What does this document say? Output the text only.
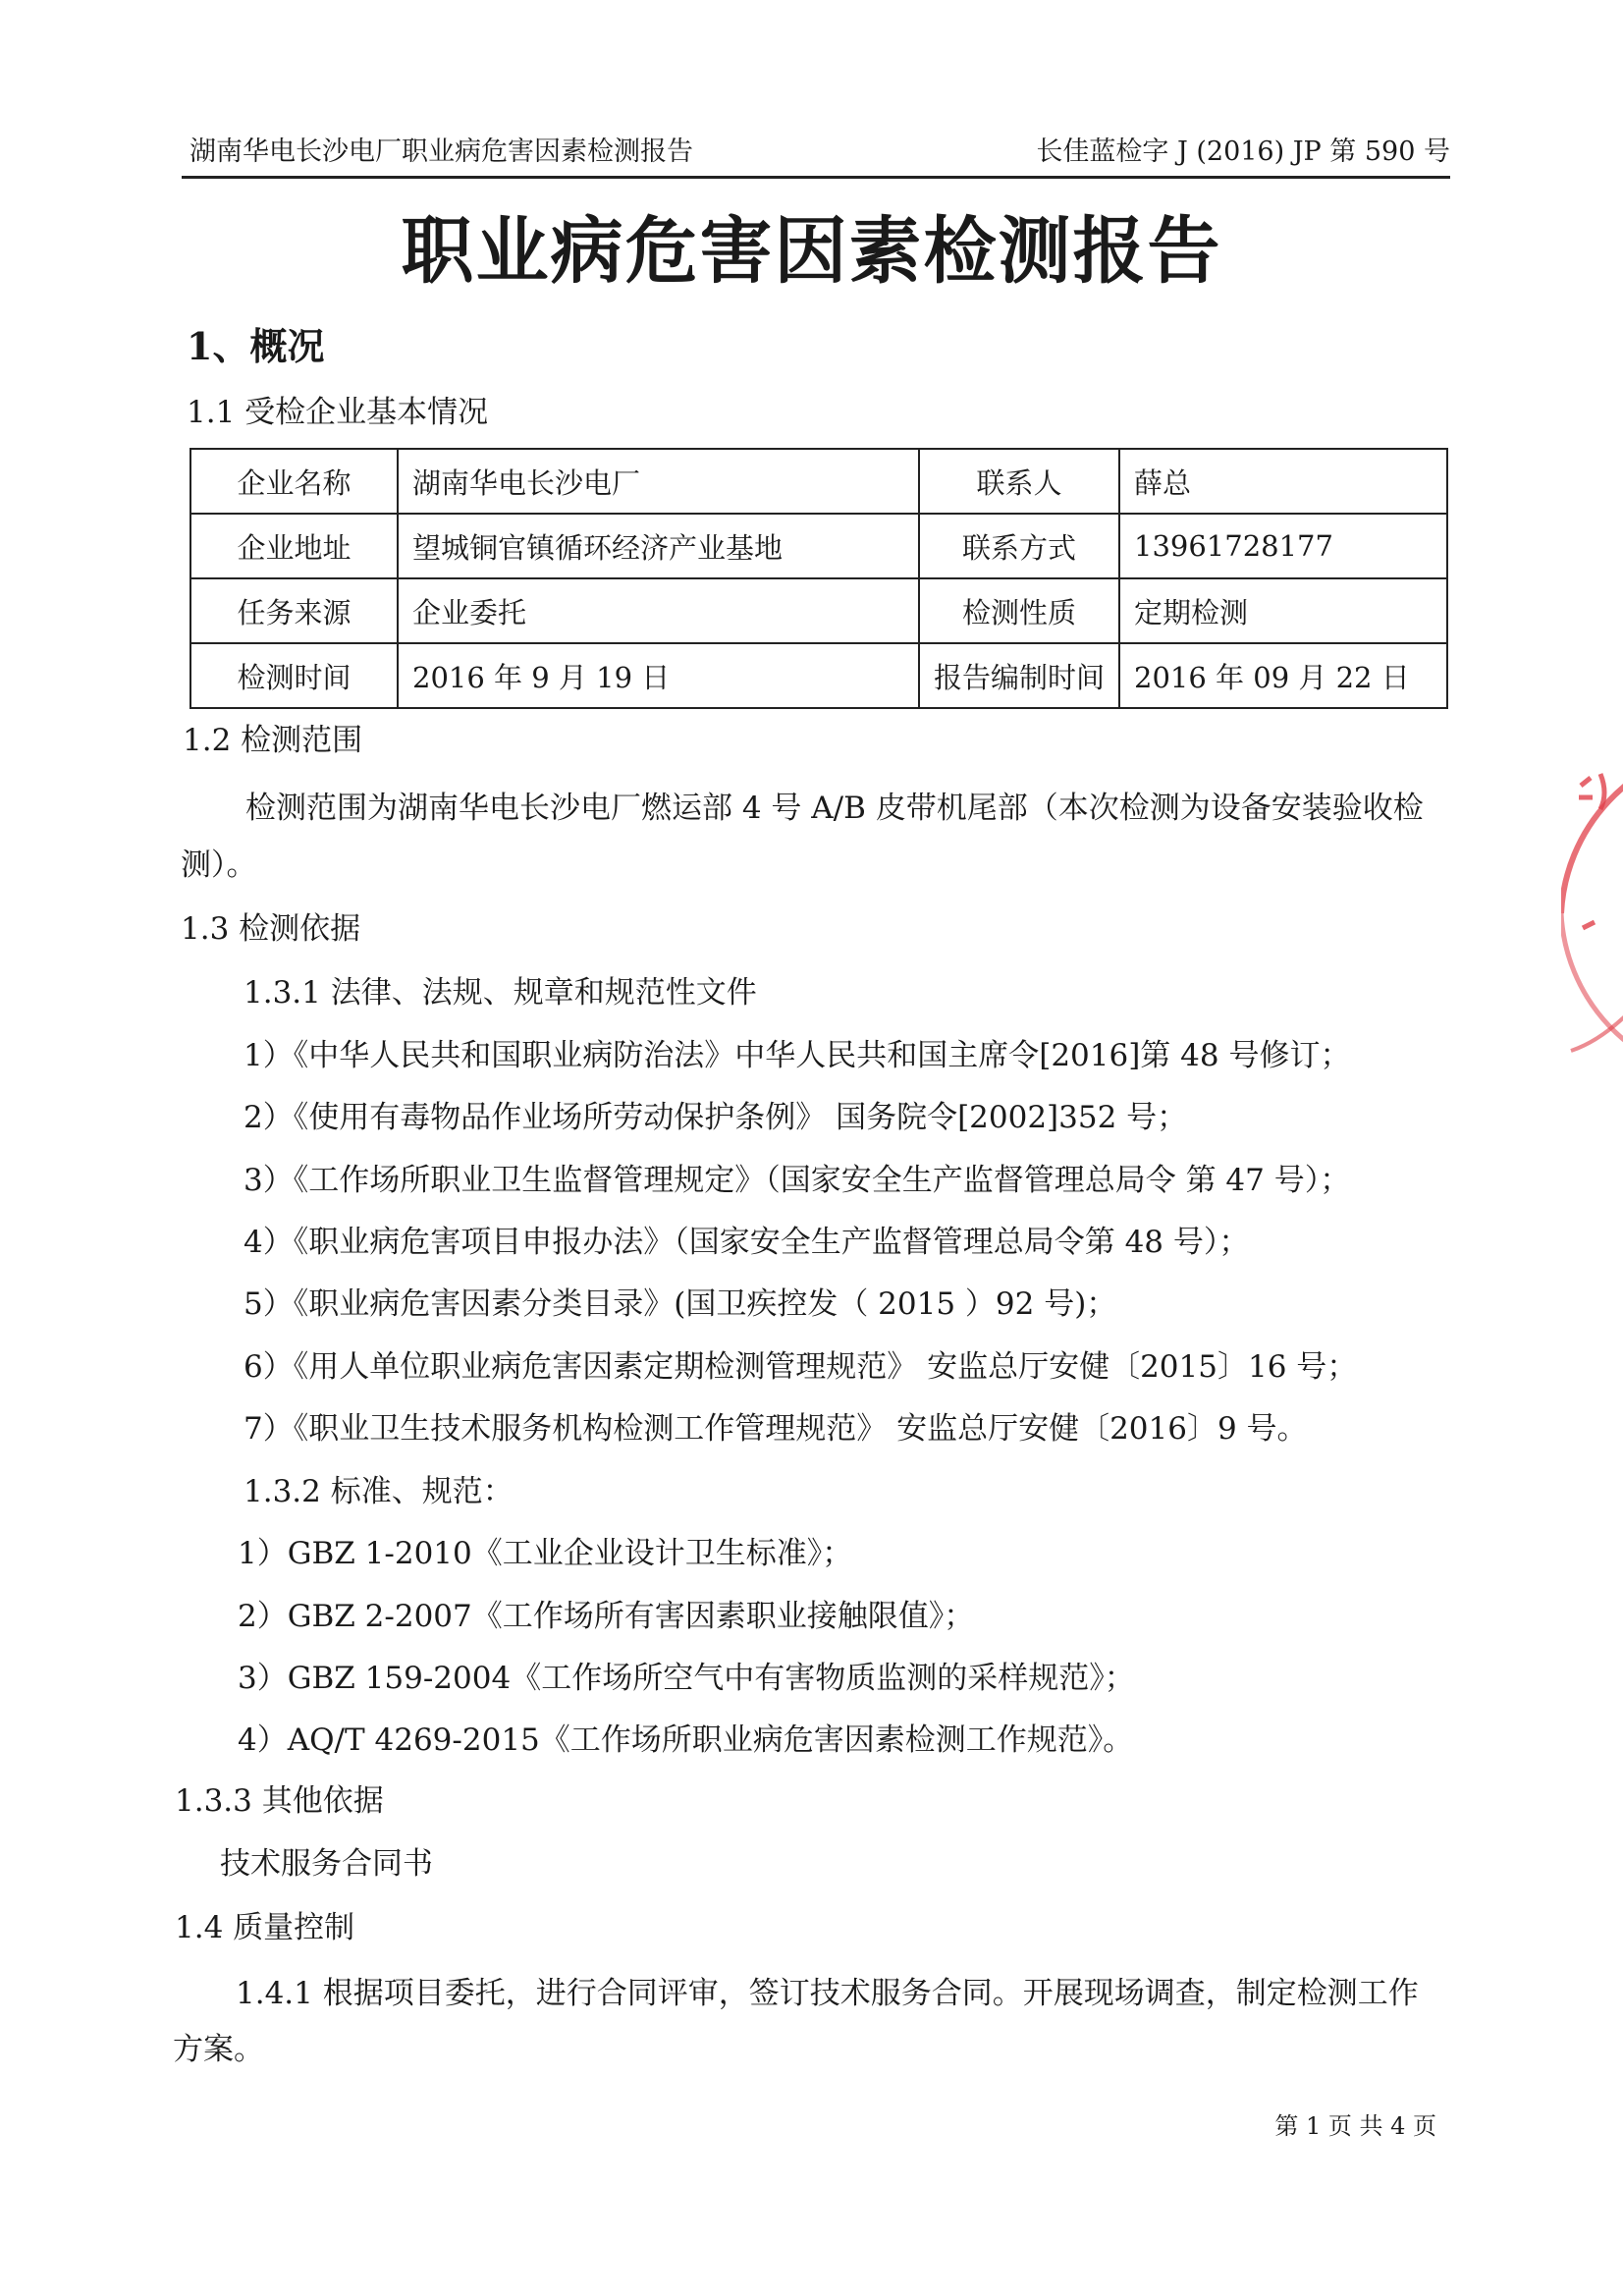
湖南华电长沙电厂职业病危害因素检测报告	长佳蓝检字 J (2016) JP 第 590 号
职业病危害因素检测报告
1、概况
1.1 受检企业基本情况
企业名称	湖南华电长沙电厂	联系人	薛总
企业地址	望城铜官镇循环经济产业基地	联系方式	13961728177
任务来源	企业委托	检测性质	定期检测
检测时间	2016 年 9 月 19 日	报告编制时间	2016 年 09 月 22 日
1.2 检测范围
检测范围为湖南华电长沙电厂燃运部 4 号 A/B 皮带机尾部（本次检测为设备安装验收检
测）。
1.3 检测依据
1.3.1 法律、法规、规章和规范性文件
1）《中华人民共和国职业病防治法》中华人民共和国主席令[2016]第 48 号修订；
2）《使用有毒物品作业场所劳动保护条例》 国务院令[2002]352 号；
3）《工作场所职业卫生监督管理规定》（国家安全生产监督管理总局令 第 47 号）；
4）《职业病危害项目申报办法》（国家安全生产监督管理总局令第 48 号）；
5）《职业病危害因素分类目录》(国卫疾控发（ 2015 ）92 号)；
6）《用人单位职业病危害因素定期检测管理规范》 安监总厅安健〔2015〕16 号；
7）《职业卫生技术服务机构检测工作管理规范》 安监总厅安健〔2016〕9 号。
1.3.2 标准、规范：
1）GBZ 1-2010《工业企业设计卫生标准》；
2）GBZ 2-2007《工作场所有害因素职业接触限值》；
3）GBZ 159-2004《工作场所空气中有害物质监测的采样规范》；
4）AQ/T 4269-2015《工作场所职业病危害因素检测工作规范》。
1.3.3 其他依据
技术服务合同书
1.4 质量控制
1.4.1 根据项目委托，进行合同评审，签订技术服务合同。开展现场调查，制定检测工作
方案。
第 1 页 共 4 页
